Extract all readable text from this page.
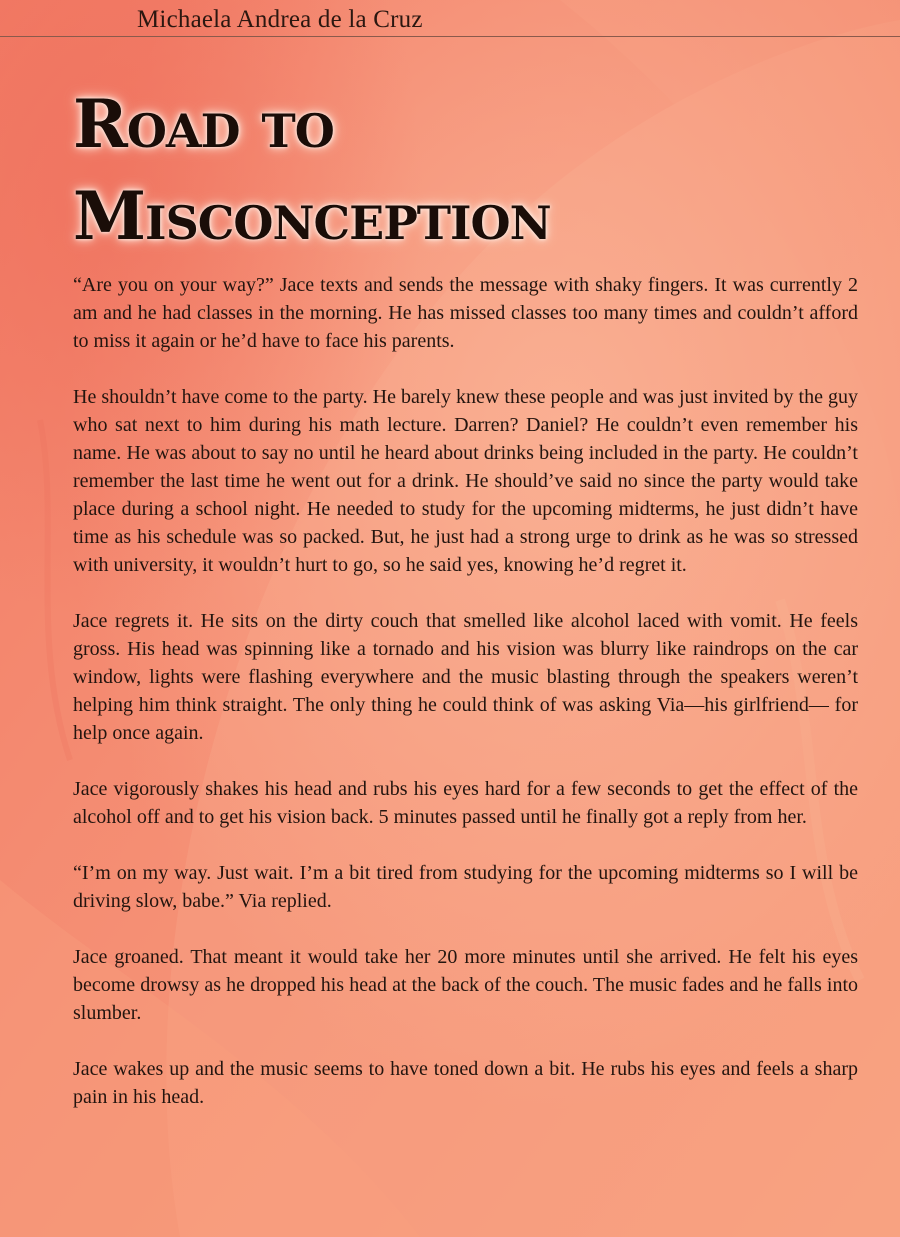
Michaela Andrea de la Cruz
Road to
Misconception

“Are you on your way?” Jace texts and sends the message with shaky fingers. It was currently 2 am and he had classes in the morning. He has missed classes too many times and couldn’t afford to miss it again or he’d have to face his parents.

He shouldn’t have come to the party. He barely knew these people and was just invited by the guy who sat next to him during his math lecture. Darren? Daniel? He couldn’t even remember his name. He was about to say no until he heard about drinks being included in the party. He couldn’t remember the last time he went out for a drink. He should’ve said no since the party would take place during a school night. He needed to study for the upcoming midterms, he just didn’t have time as his schedule was so packed. But, he just had a strong urge to drink as he was so stressed with university, it wouldn’t hurt to go, so he said yes, knowing he’d regret it.

Jace regrets it. He sits on the dirty couch that smelled like alcohol laced with vomit. He feels gross. His head was spinning like a tornado and his vision was blurry like raindrops on the car window, lights were flashing everywhere and the music blasting through the speakers weren’t helping him think straight. The only thing he could think of was asking Via—his girlfriend— for help once again.

Jace vigorously shakes his head and rubs his eyes hard for a few seconds to get the effect of the alcohol off and to get his vision back. 5 minutes passed until he finally got a reply from her.

“I’m on my way. Just wait. I’m a bit tired from studying for the upcoming midterms so I will be driving slow, babe.” Via replied.

Jace groaned. That meant it would take her 20 more minutes until she arrived. He felt his eyes become drowsy as he dropped his head at the back of the couch. The music fades and he falls into slumber.

Jace wakes up and the music seems to have toned down a bit. He rubs his eyes and feels a sharp pain in his head.
